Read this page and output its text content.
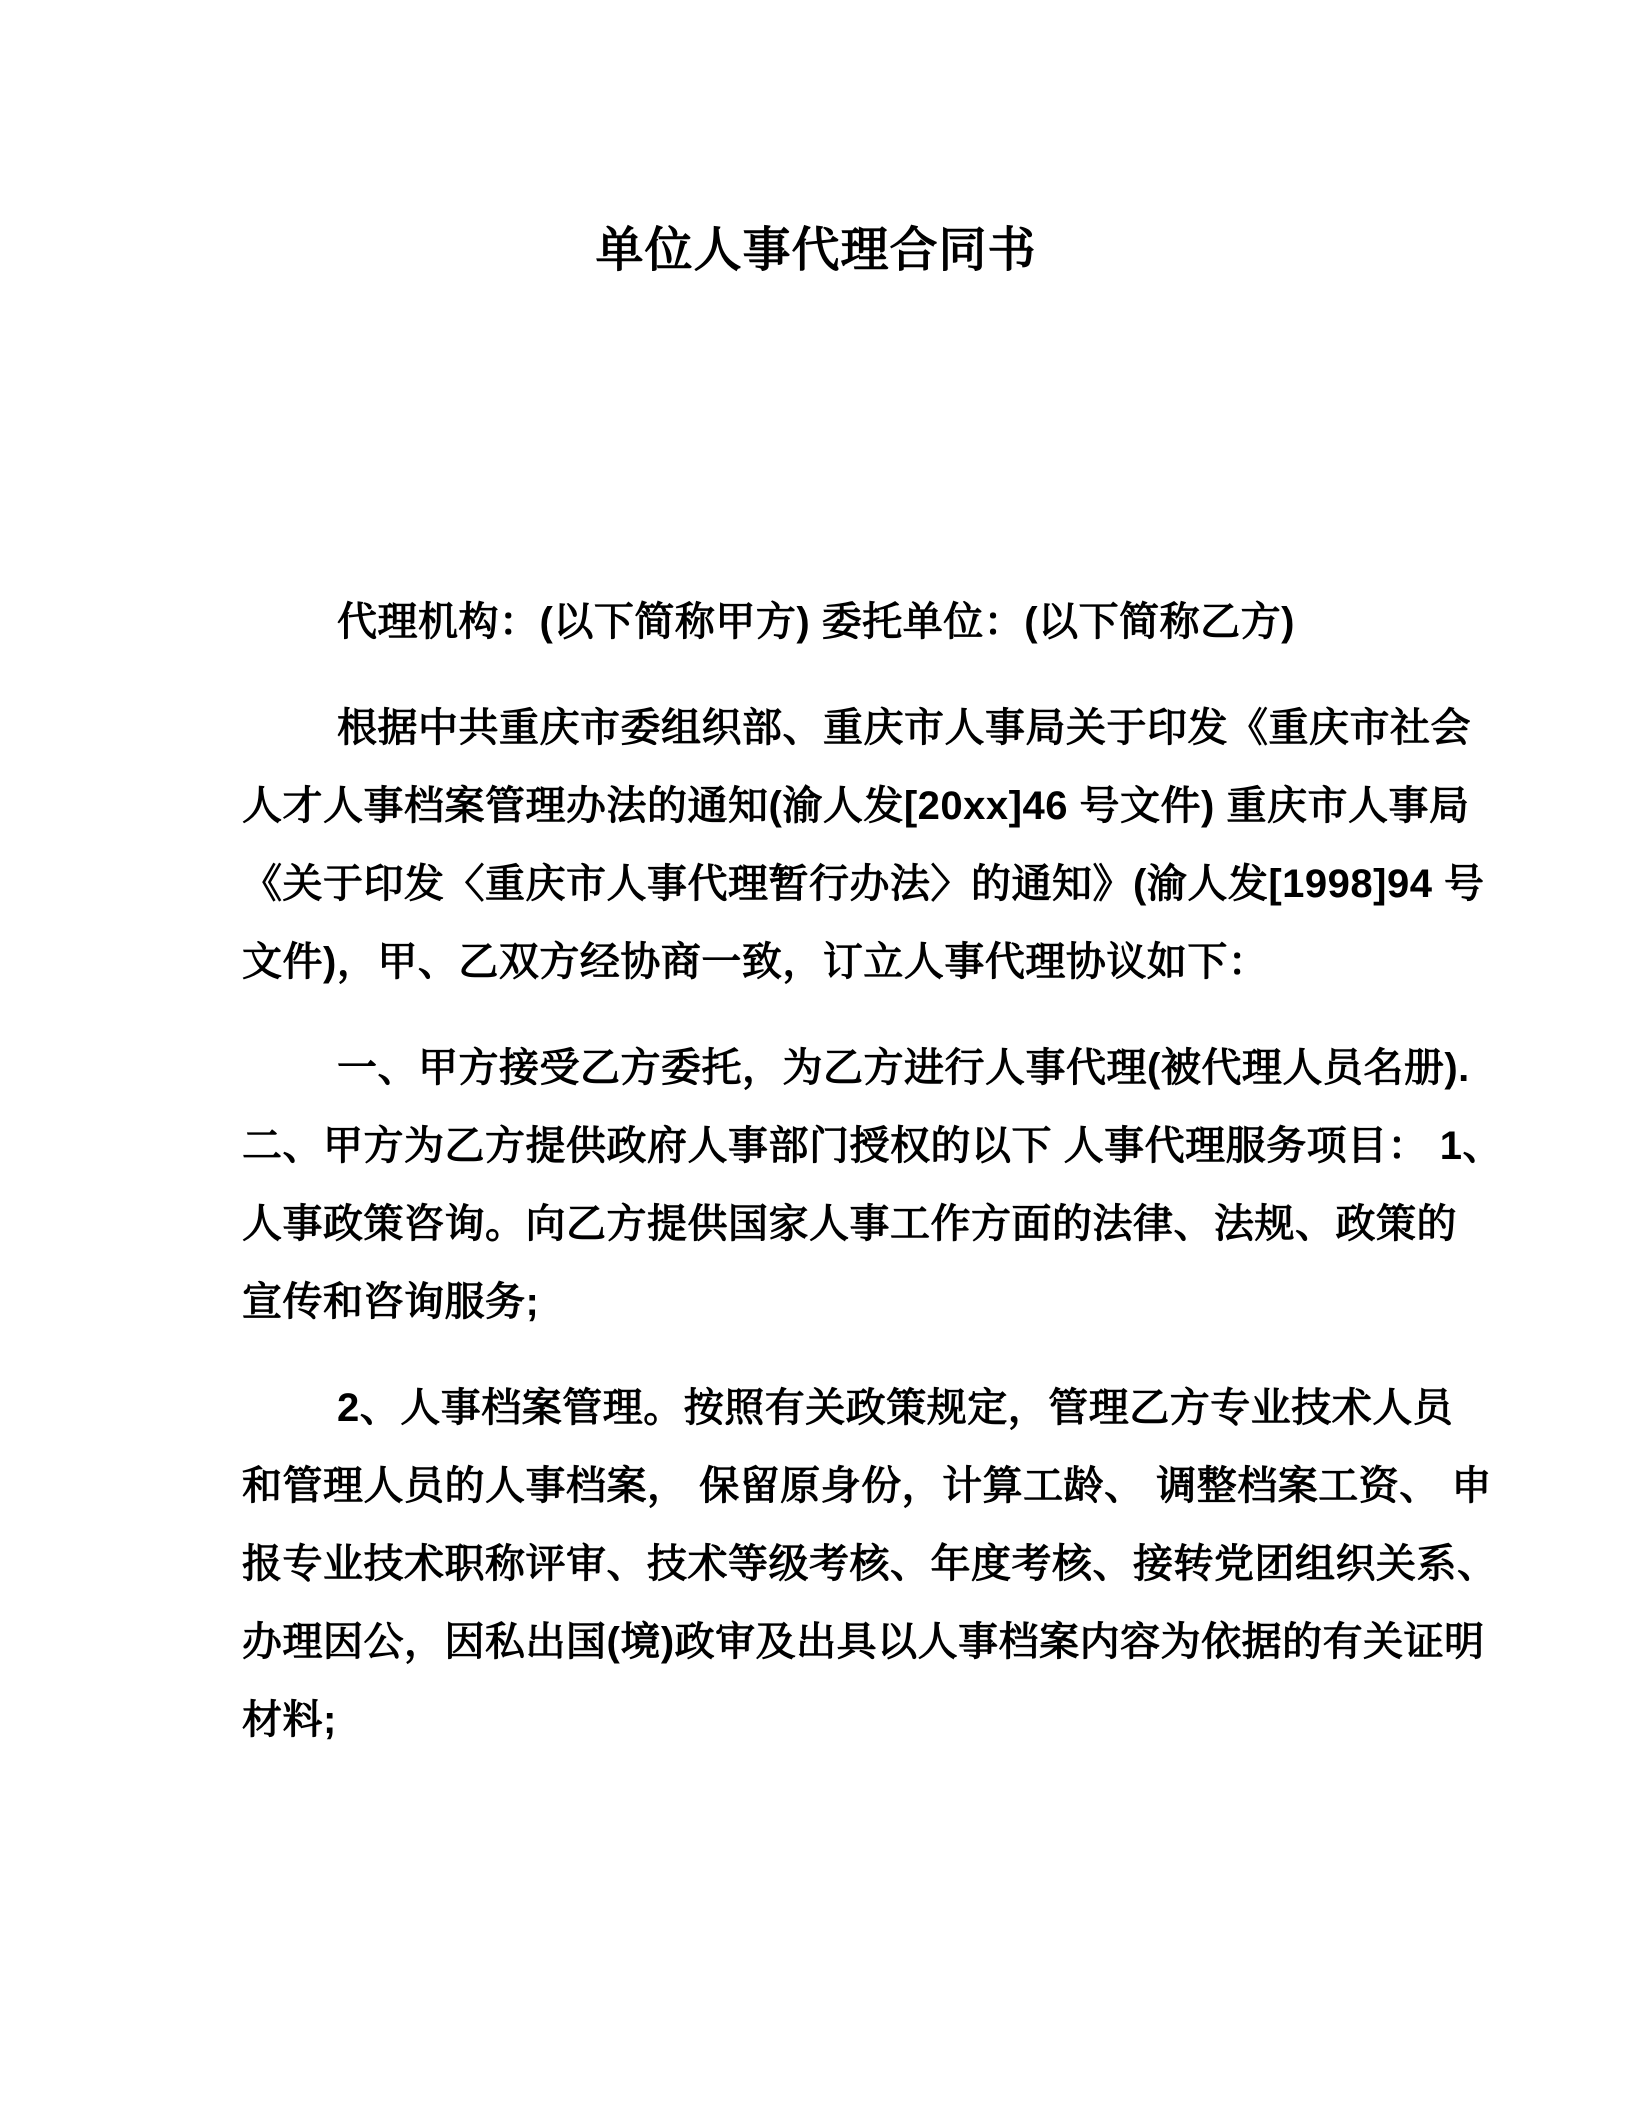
单位人事代理合同书
代理机构：(以下简称甲方) 委托单位：(以下简称乙方)
根据中共重庆市委组织部、重庆市人事局关于印发《重庆市社会
人才人事档案管理办法的通知(渝人发[20xx]46 号文件) 重庆市人事局
《关于印发〈重庆市人事代理暂行办法〉的通知》(渝人发[1998]94 号
文件)，甲、乙双方经协商一致，订立人事代理协议如下：
一、甲方接受乙方委托，为乙方进行人事代理(被代理人员名册).
二、甲方为乙方提供政府人事部门授权的以下 人事代理服务项目： 1、
人事政策咨询。向乙方提供国家人事工作方面的法律、法规、政策的
宣传和咨询服务;
2、人事档案管理。按照有关政策规定，管理乙方专业技术人员
和管理人员的人事档案， 保留原身份，计算工龄、 调整档案工资、 申
报专业技术职称评审、技术等级考核、年度考核、接转党团组织关系、
办理因公，因私出国(境)政审及出具以人事档案内容为依据的有关证明
材料;
